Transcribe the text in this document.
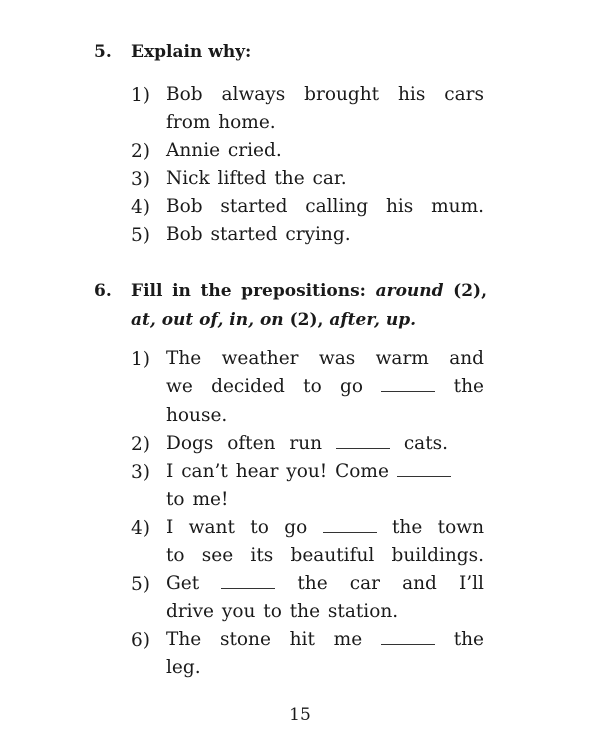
5. Explain why:
1) Bob always brought his cars
from home.
2) Annie cried.
3) Nick lifted the car.
4) Bob started calling his mum.
5) Bob started crying.
6. Fill in the prepositions: around (2),
at, out of, in, on (2), after, up.
1) The weather was warm and
we decided to go	the
house.
2) Dogs often run	cats.
3) I can’t hear you! Come
to me!
4) I want to go	the town
to see its beautiful buildings.
5) Get	the car and I’ll
drive you to the station.
6) The stone hit me	the
leg.
15
